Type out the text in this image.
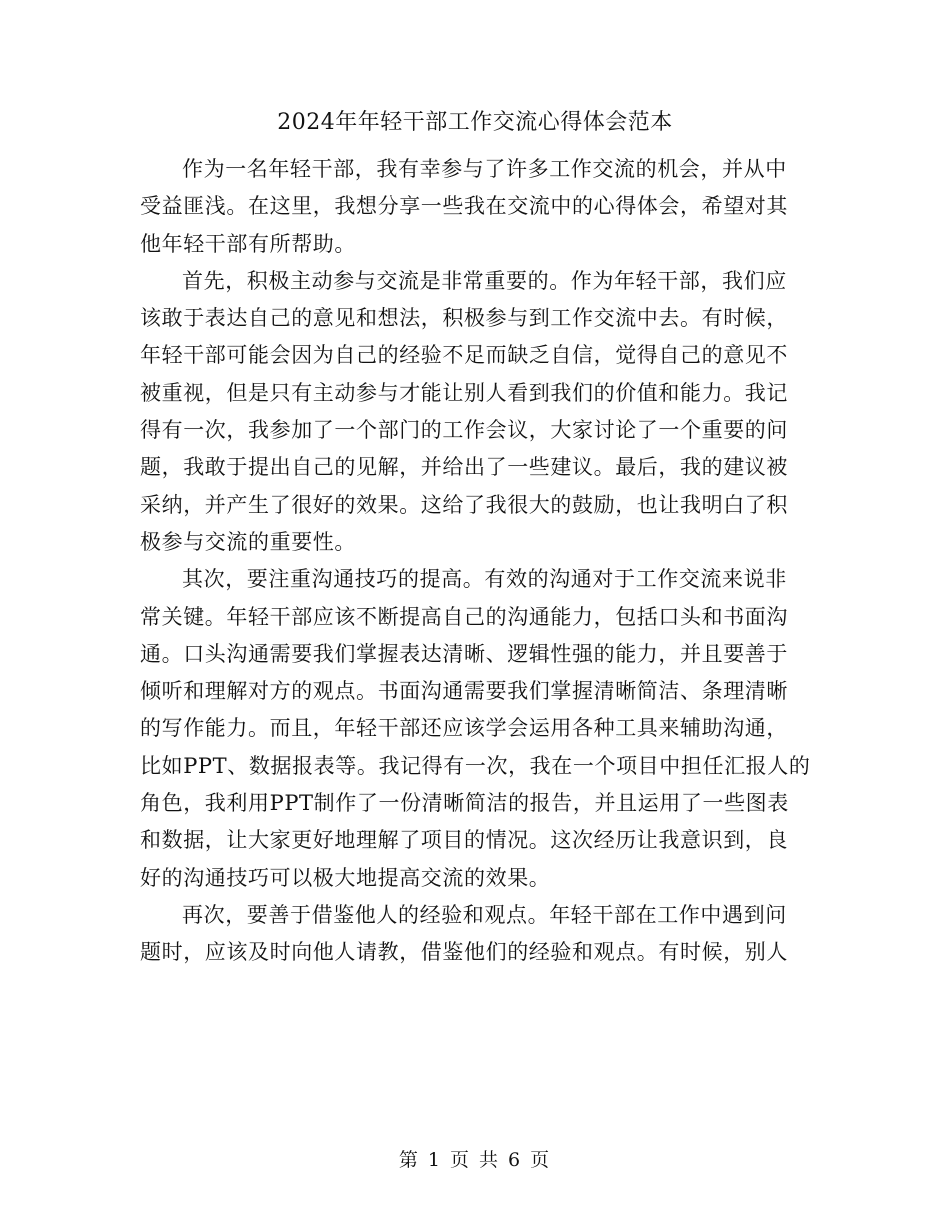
2024年年轻干部工作交流心得体会范本

作为一名年轻干部，我有幸参与了许多工作交流的机会，并从中
受益匪浅。在这里，我想分享一些我在交流中的心得体会，希望对其
他年轻干部有所帮助。

首先，积极主动参与交流是非常重要的。作为年轻干部，我们应
该敢于表达自己的意见和想法，积极参与到工作交流中去。有时候，
年轻干部可能会因为自己的经验不足而缺乏自信，觉得自己的意见不
被重视，但是只有主动参与才能让别人看到我们的价值和能力。我记
得有一次，我参加了一个部门的工作会议，大家讨论了一个重要的问
题，我敢于提出自己的见解，并给出了一些建议。最后，我的建议被
采纳，并产生了很好的效果。这给了我很大的鼓励，也让我明白了积
极参与交流的重要性。

其次，要注重沟通技巧的提高。有效的沟通对于工作交流来说非
常关键。年轻干部应该不断提高自己的沟通能力，包括口头和书面沟
通。口头沟通需要我们掌握表达清晰、逻辑性强的能力，并且要善于
倾听和理解对方的观点。书面沟通需要我们掌握清晰简洁、条理清晰
的写作能力。而且，年轻干部还应该学会运用各种工具来辅助沟通，
比如PPT、数据报表等。我记得有一次，我在一个项目中担任汇报人的
角色，我利用PPT制作了一份清晰简洁的报告，并且运用了一些图表
和数据，让大家更好地理解了项目的情况。这次经历让我意识到，良
好的沟通技巧可以极大地提高交流的效果。

再次，要善于借鉴他人的经验和观点。年轻干部在工作中遇到问
题时，应该及时向他人请教，借鉴他们的经验和观点。有时候，别人

第 1 页 共 6 页
